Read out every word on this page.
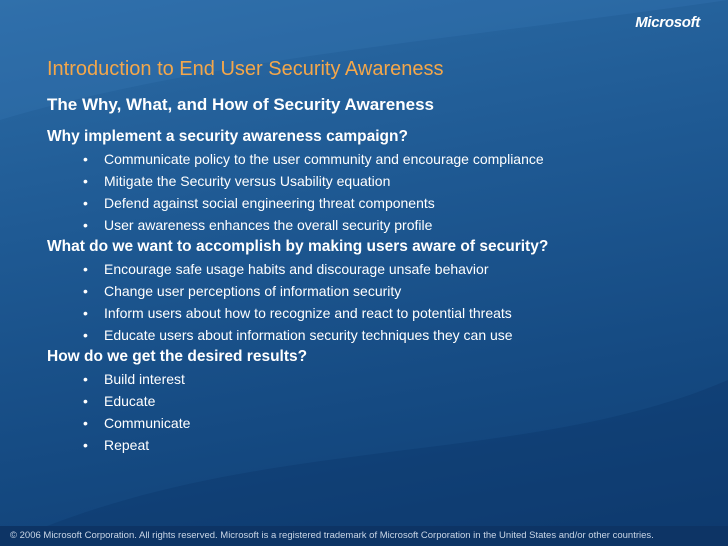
Microsoft
Introduction to End User Security Awareness
The Why, What, and How of Security Awareness
Why implement a security awareness campaign?
• Communicate policy to the user community and encourage compliance
• Mitigate the Security versus Usability equation
• Defend against social engineering threat components
• User awareness enhances the overall security profile
What do we want to accomplish by making users aware of security?
• Encourage safe usage habits and discourage unsafe behavior
• Change user perceptions of information security
• Inform users about how to recognize and react to potential threats
• Educate users about information security techniques they can use
How do we get the desired results?
• Build interest
• Educate
• Communicate
• Repeat
© 2006 Microsoft Corporation. All rights reserved. Microsoft is a registered trademark of Microsoft Corporation in the United States and/or other countries.
